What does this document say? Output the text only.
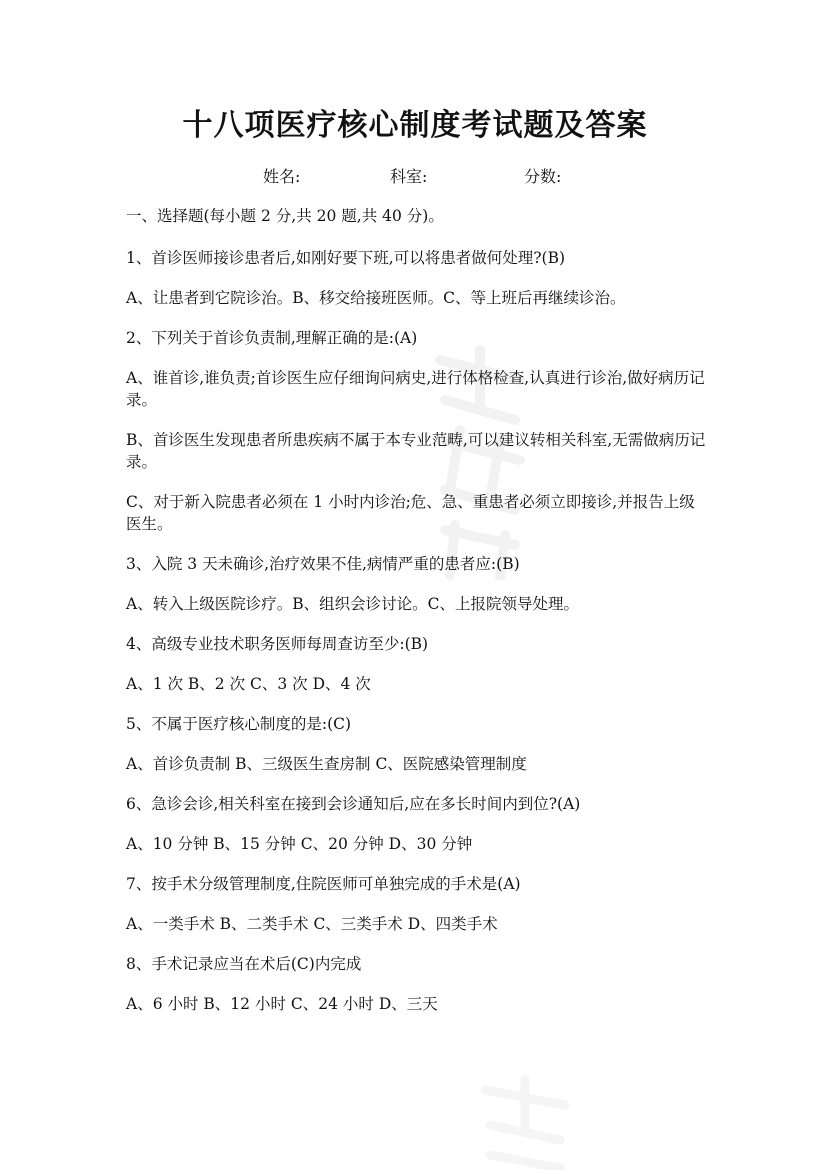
十八项医疗核心制度考试题及答案
姓名:	科室:	分数:

一、选择题(每小题 2 分,共 20 题,共 40 分)。

1、首诊医师接诊患者后,如刚好要下班,可以将患者做何处理?(B)

A、让患者到它院诊治。B、移交给接班医师。C、等上班后再继续诊治。

2、下列关于首诊负责制,理解正确的是:(A)

A、谁首诊,谁负责;首诊医生应仔细询问病史,进行体格检查,认真进行诊治,做好病历记录。

B、首诊医生发现患者所患疾病不属于本专业范畴,可以建议转相关科室,无需做病历记录。

C、对于新入院患者必须在 1 小时内诊治;危、急、重患者必须立即接诊,并报告上级医生。

3、入院 3 天未确诊,治疗效果不佳,病情严重的患者应:(B)

A、转入上级医院诊疗。B、组织会诊讨论。C、上报院领导处理。

4、高级专业技术职务医师每周查访至少:(B)

A、1 次 B、2 次 C、3 次 D、4 次

5、不属于医疗核心制度的是:(C)

A、首诊负责制 B、三级医生查房制 C、医院感染管理制度

6、急诊会诊,相关科室在接到会诊通知后,应在多长时间内到位?(A)

A、10 分钟 B、15 分钟 C、20 分钟 D、30 分钟

7、按手术分级管理制度,住院医师可单独完成的手术是(A)

A、一类手术 B、二类手术 C、三类手术 D、四类手术

8、手术记录应当在术后(C)内完成

A、6 小时 B、12 小时 C、24 小时 D、三天
